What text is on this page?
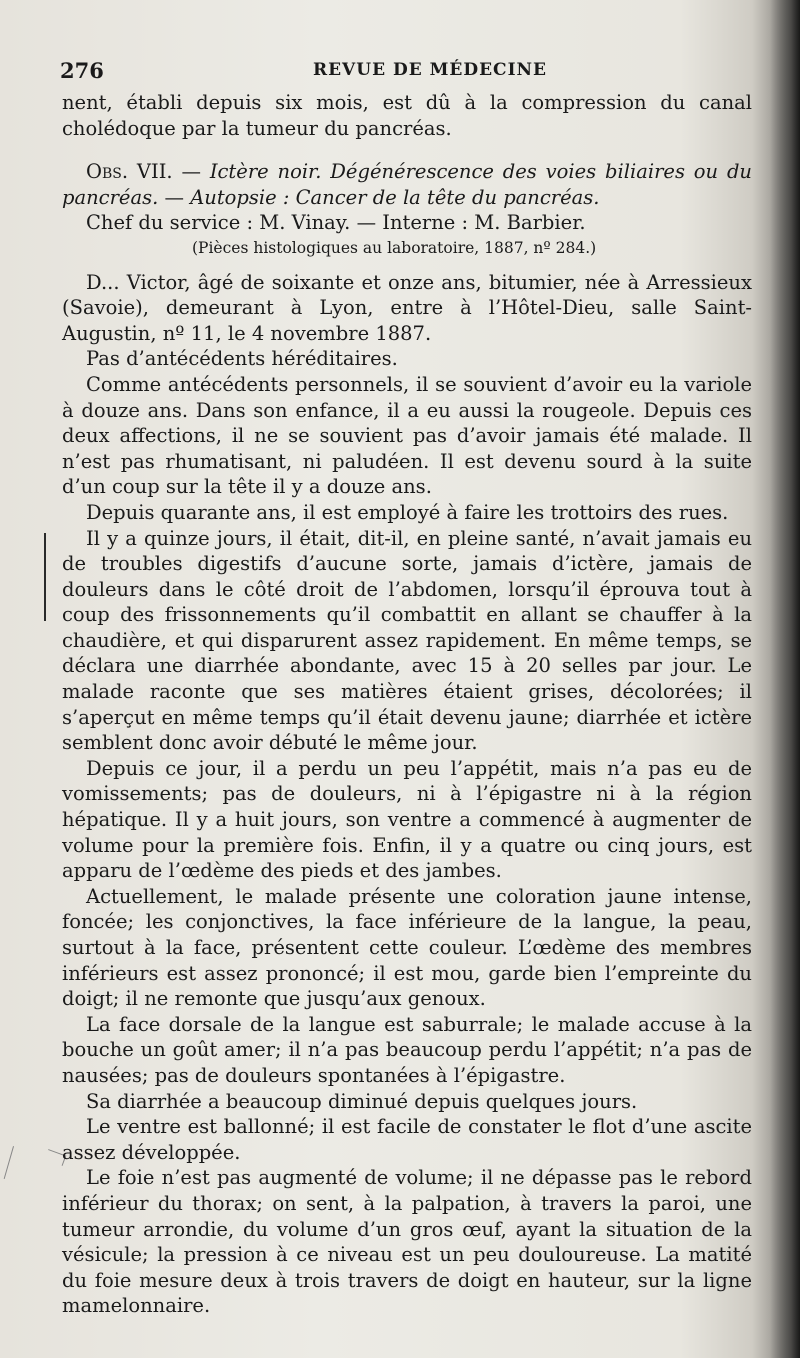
276	REVUE DE MÉDECINE

nent, établi depuis six mois, est dû à la compression du canal cholédoque par la tumeur du pancréas.

Obs. VII. — Ictère noir. Dégénérescence des voies biliaires ou du pancréas. — Autopsie : Cancer de la tête du pancréas.

Chef du service : M. Vinay. — Interne : M. Barbier.

(Pièces histologiques au laboratoire, 1887, nº 284.)

D... Victor, âgé de soixante et onze ans, bitumier, née à Arressieux (Savoie), demeurant à Lyon, entre à l’Hôtel-Dieu, salle Saint-Augustin, nº 11, le 4 novembre 1887.

Pas d’antécédents héréditaires.

Comme antécédents personnels, il se souvient d’avoir eu la variole à douze ans. Dans son enfance, il a eu aussi la rougeole. Depuis ces deux affections, il ne se souvient pas d’avoir jamais été malade. Il n’est pas rhumatisant, ni paludéen. Il est devenu sourd à la suite d’un coup sur la tête il y a douze ans.

Depuis quarante ans, il est employé à faire les trottoirs des rues.

Il y a quinze jours, il était, dit-il, en pleine santé, n’avait jamais eu de troubles digestifs d’aucune sorte, jamais d’ictère, jamais de douleurs dans le côté droit de l’abdomen, lorsqu’il éprouva tout à coup des frissonnements qu’il combattit en allant se chauffer à la chaudière, et qui disparurent assez rapidement. En même temps, se déclara une diarrhée abondante, avec 15 à 20 selles par jour. Le malade raconte que ses matières étaient grises, décolorées; il s’aperçut en même temps qu’il était devenu jaune; diarrhée et ictère semblent donc avoir débuté le même jour.

Depuis ce jour, il a perdu un peu l’appétit, mais n’a pas eu de vomissements; pas de douleurs, ni à l’épigastre ni à la région hépatique. Il y a huit jours, son ventre a commencé à augmenter de volume pour la première fois. Enfin, il y a quatre ou cinq jours, est apparu de l’œdème des pieds et des jambes.

Actuellement, le malade présente une coloration jaune intense, foncée; les conjonctives, la face inférieure de la langue, la peau, surtout à la face, présentent cette couleur. L’œdème des membres inférieurs est assez prononcé; il est mou, garde bien l’empreinte du doigt; il ne remonte que jusqu’aux genoux.

La face dorsale de la langue est saburrale; le malade accuse à la bouche un goût amer; il n’a pas beaucoup perdu l’appétit; n’a pas de nausées; pas de douleurs spontanées à l’épigastre.

Sa diarrhée a beaucoup diminué depuis quelques jours.

Le ventre est ballonné; il est facile de constater le flot d’une ascite assez développée.

Le foie n’est pas augmenté de volume; il ne dépasse pas le rebord inférieur du thorax; on sent, à la palpation, à travers la paroi, une tumeur arrondie, du volume d’un gros œuf, ayant la situation de la vésicule; la pression à ce niveau est un peu douloureuse. La matité du foie mesure deux à trois travers de doigt en hauteur, sur la ligne mamelonnaire.
